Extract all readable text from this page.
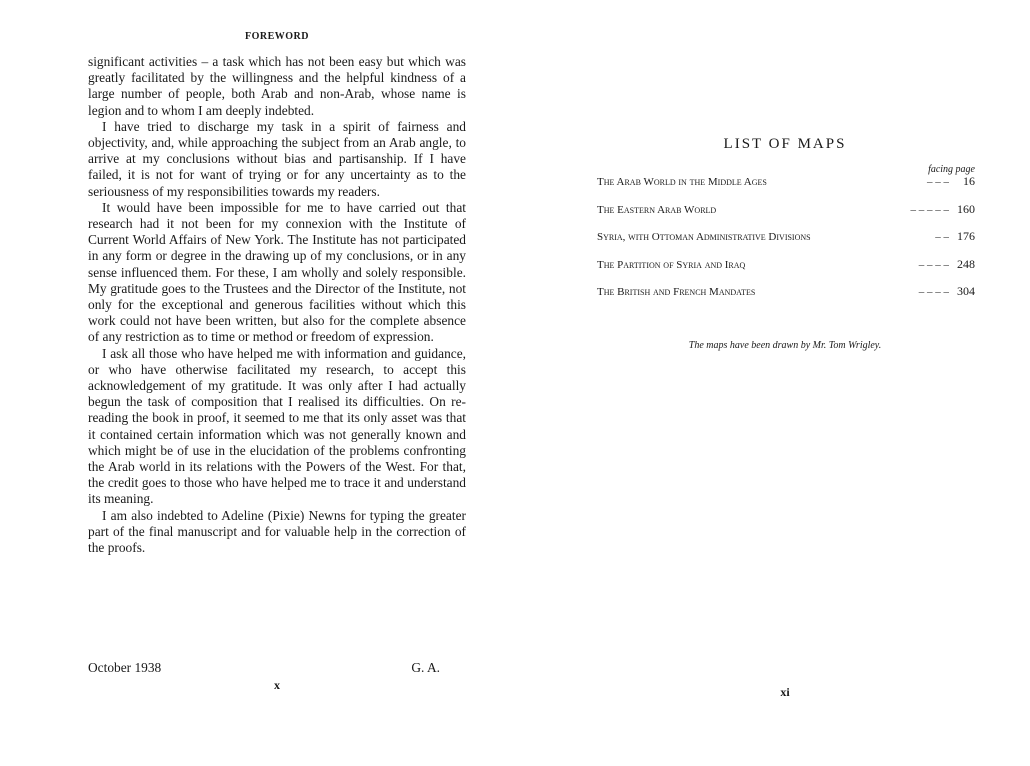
FOREWORD

significant activities – a task which has not been easy but which was greatly facilitated by the willingness and the helpful kindness of a large number of people, both Arab and non-Arab, whose name is legion and to whom I am deeply indebted.

I have tried to discharge my task in a spirit of fairness and objectivity, and, while approaching the subject from an Arab angle, to arrive at my conclusions without bias and partisanship. If I have failed, it is not for want of trying or for any uncertainty as to the seriousness of my responsibilities towards my readers.

It would have been impossible for me to have carried out that research had it not been for my connexion with the Institute of Current World Affairs of New York. The Institute has not participated in any form or degree in the drawing up of my conclusions, or in any sense influenced them. For these, I am wholly and solely responsible. My gratitude goes to the Trustees and the Director of the Institute, not only for the exceptional and generous facilities without which this work could not have been written, but also for the complete absence of any restriction as to time or method or freedom of expression.

I ask all those who have helped me with information and guidance, or who have otherwise facilitated my research, to accept this acknowledgement of my gratitude. It was only after I had actually begun the task of composition that I realised its difficulties. On re-reading the book in proof, it seemed to me that its only asset was that it contained certain information which was not generally known and which might be of use in the elucidation of the problems confronting the Arab world in its relations with the Powers of the West. For that, the credit goes to those who have helped me to trace it and understand its meaning.

I am also indebted to Adeline (Pixie) Newns for typing the greater part of the final manuscript and for valuable help in the correction of the proofs.

October 1938	G. A.
x
LIST OF MAPS
facing page
The Arab World in the Middle Ages	– – –	16
The Eastern Arab World	– – – – – 160
Syria, with Ottoman Administrative Divisions	– – 176
The Partition of Syria and Iraq	– – – – 248
The British and French Mandates	– – – – 304
The maps have been drawn by Mr. Tom Wrigley.
xi
